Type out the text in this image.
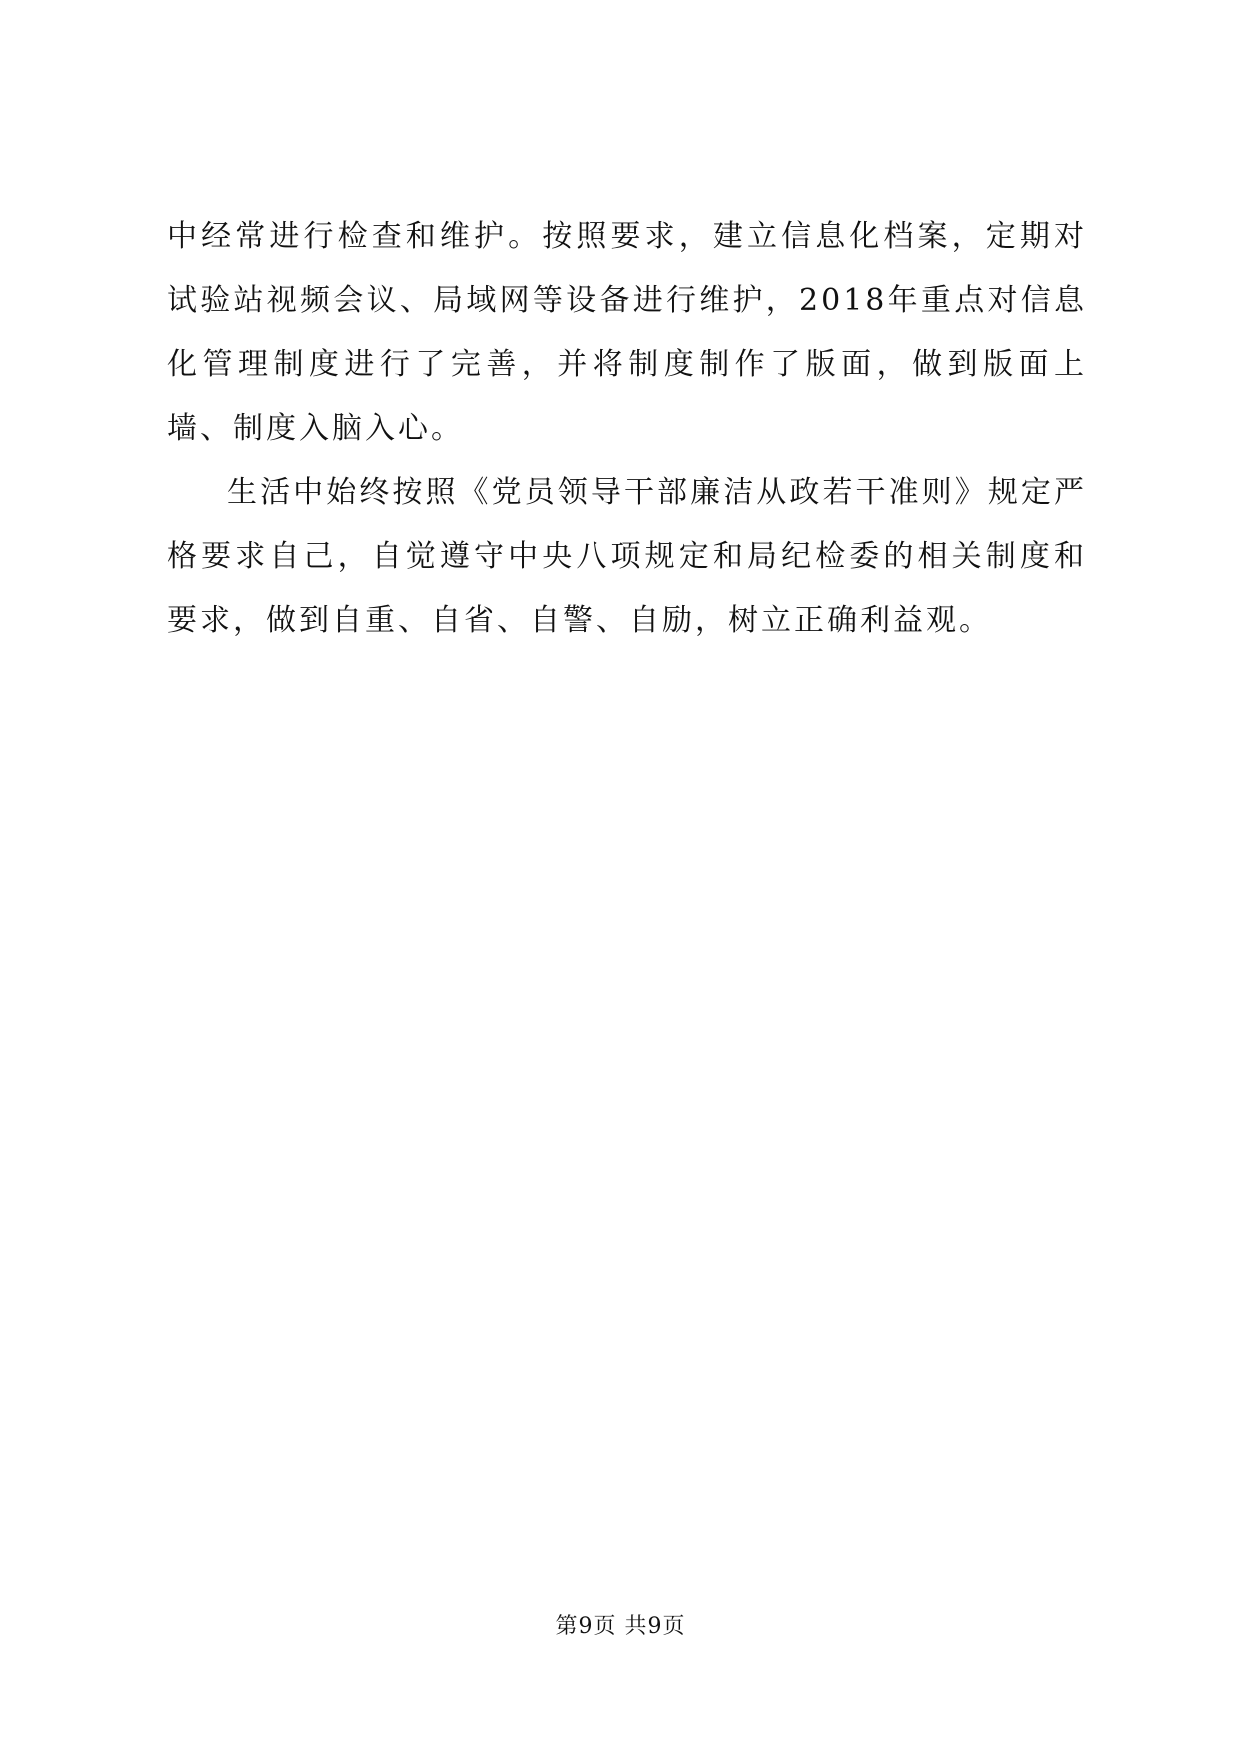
中经常进行检查和维护。按照要求，建立信息化档案，定期对试验站视频会议、局域网等设备进行维护，2018年重点对信息化管理制度进行了完善，并将制度制作了版面，做到版面上墙、制度入脑入心。

生活中始终按照《党员领导干部廉洁从政若干准则》规定严格要求自己，自觉遵守中央八项规定和局纪检委的相关制度和要求，做到自重、自省、自警、自励，树立正确利益观。

第9页 共9页
